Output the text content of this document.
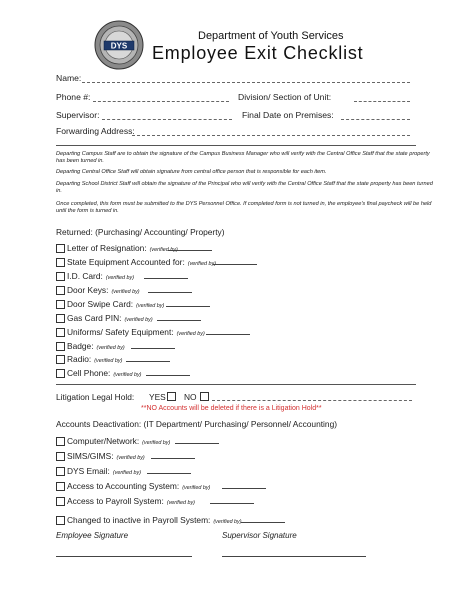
DYS
Department of Youth Services
Employee Exit Checklist
Name:
Phone #:	Division/ Section of Unit:
Supervisor:	Final Date on Premises:
Forwarding Address:
Departing Campus Staff are to obtain the signature of the Campus Business Manager who will verify with the Central Office Staff that the state property has been turned in.
Departing Central Office Staff will obtain signature from central office person that is responsible for each item.
Departing School District Staff will obtain the signature of the Principal who will verify with the Central Office Staff that the state property has been turned in.
Once completed, this form must be submitted to the DYS Personnel Office. If completed form is not turned in, the employee's final paycheck will be held until the form is turned in.
Returned: (Purchasing/ Accounting/ Property)
Letter of Resignation: (verified by)
State Equipment Accounted for: (verified by)
I.D. Card: (verified by)
Door Keys: (verified by)
Door Swipe Card: (verified by)
Gas Card PIN: (verified by)
Uniforms/ Safety Equipment: (verified by)
Badge: (verified by)
Radio: (verified by)
Cell Phone: (verified by)
Litigation Legal Hold: YES NO
**NO Accounts will be deleted if there is a Litigation Hold**
Accounts Deactivation: (IT Department/ Purchasing/ Personnel/ Accounting)
Computer/Network: (verified by)
SIMS/GIMS: (verified by)
DYS Email: (verified by)
Access to Accounting System: (verified by)
Access to Payroll System: (verified by)
Changed to inactive in Payroll System: (verified by)
Employee Signature	Supervisor Signature
